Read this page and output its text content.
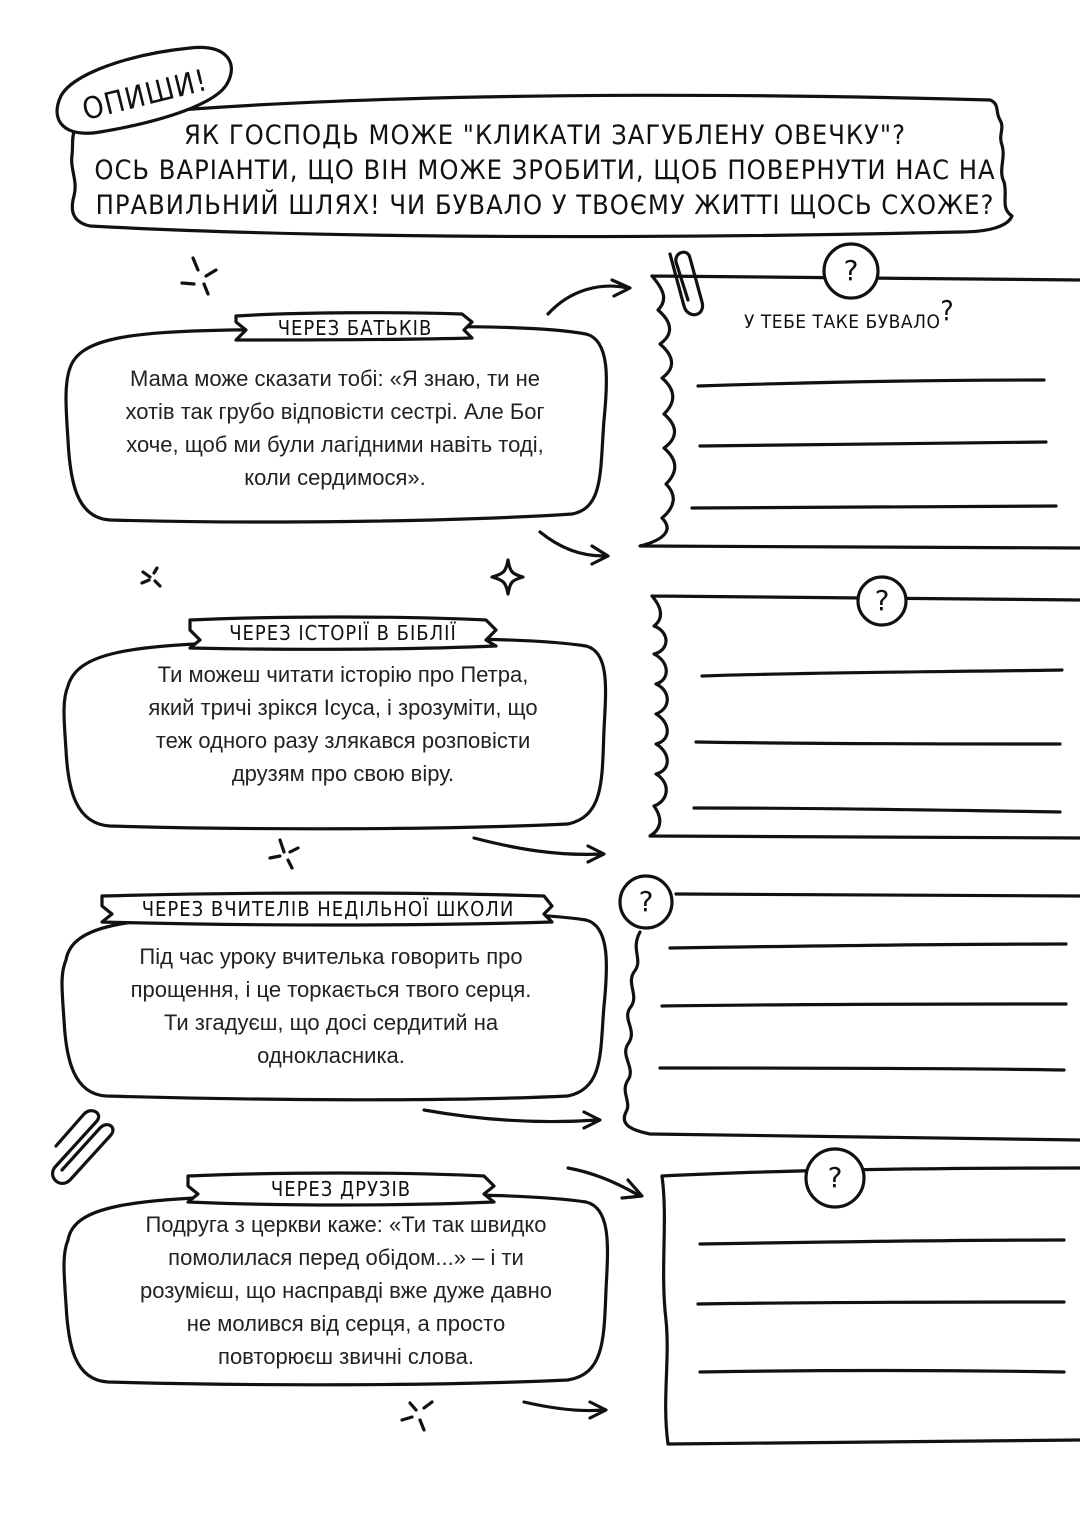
ОПИШИ!
ЯК ГОСПОДЬ МОЖЕ "КЛИКАТИ ЗАГУБЛЕНУ ОВЕЧКУ"?
ОСЬ ВАРІАНТИ, ЩО ВІН МОЖЕ ЗРОБИТИ, ЩОБ ПОВЕРНУТИ НАС НА
ПРАВИЛЬНИЙ ШЛЯХ! ЧИ БУВАЛО У ТВОЄМУ ЖИТТІ ЩОСЬ СХОЖЕ?
ЧЕРЕЗ БАТЬКІВ
Мама може сказати тобі: «Я знаю, ти не
хотів так грубо відповісти сестрі. Але Бог
хоче, щоб ми були лагідними навіть тоді,
коли сердимося».
У ТЕБЕ ТАКЕ БУВАЛО?
?
ЧЕРЕЗ ІСТОРІЇ В БІБЛІЇ
Ти можеш читати історію про Петра,
який тричі зрікся Ісуса, і зрозуміти, що
теж одного разу злякався розповісти
друзям про свою віру.
?
ЧЕРЕЗ ВЧИТЕЛІВ НЕДІЛЬНОЇ ШКОЛИ
Під час уроку вчителька говорить про
прощення, і це торкається твого серця.
Ти згадуєш, що досі сердитий на
однокласника.
?
ЧЕРЕЗ ДРУЗІВ
Подруга з церкви каже: «Ти так швидко
помолилася перед обідом...» – і ти
розумієш, що насправді вже дуже давно
не молився від серця, а просто
повторюєш звичні слова.
?
